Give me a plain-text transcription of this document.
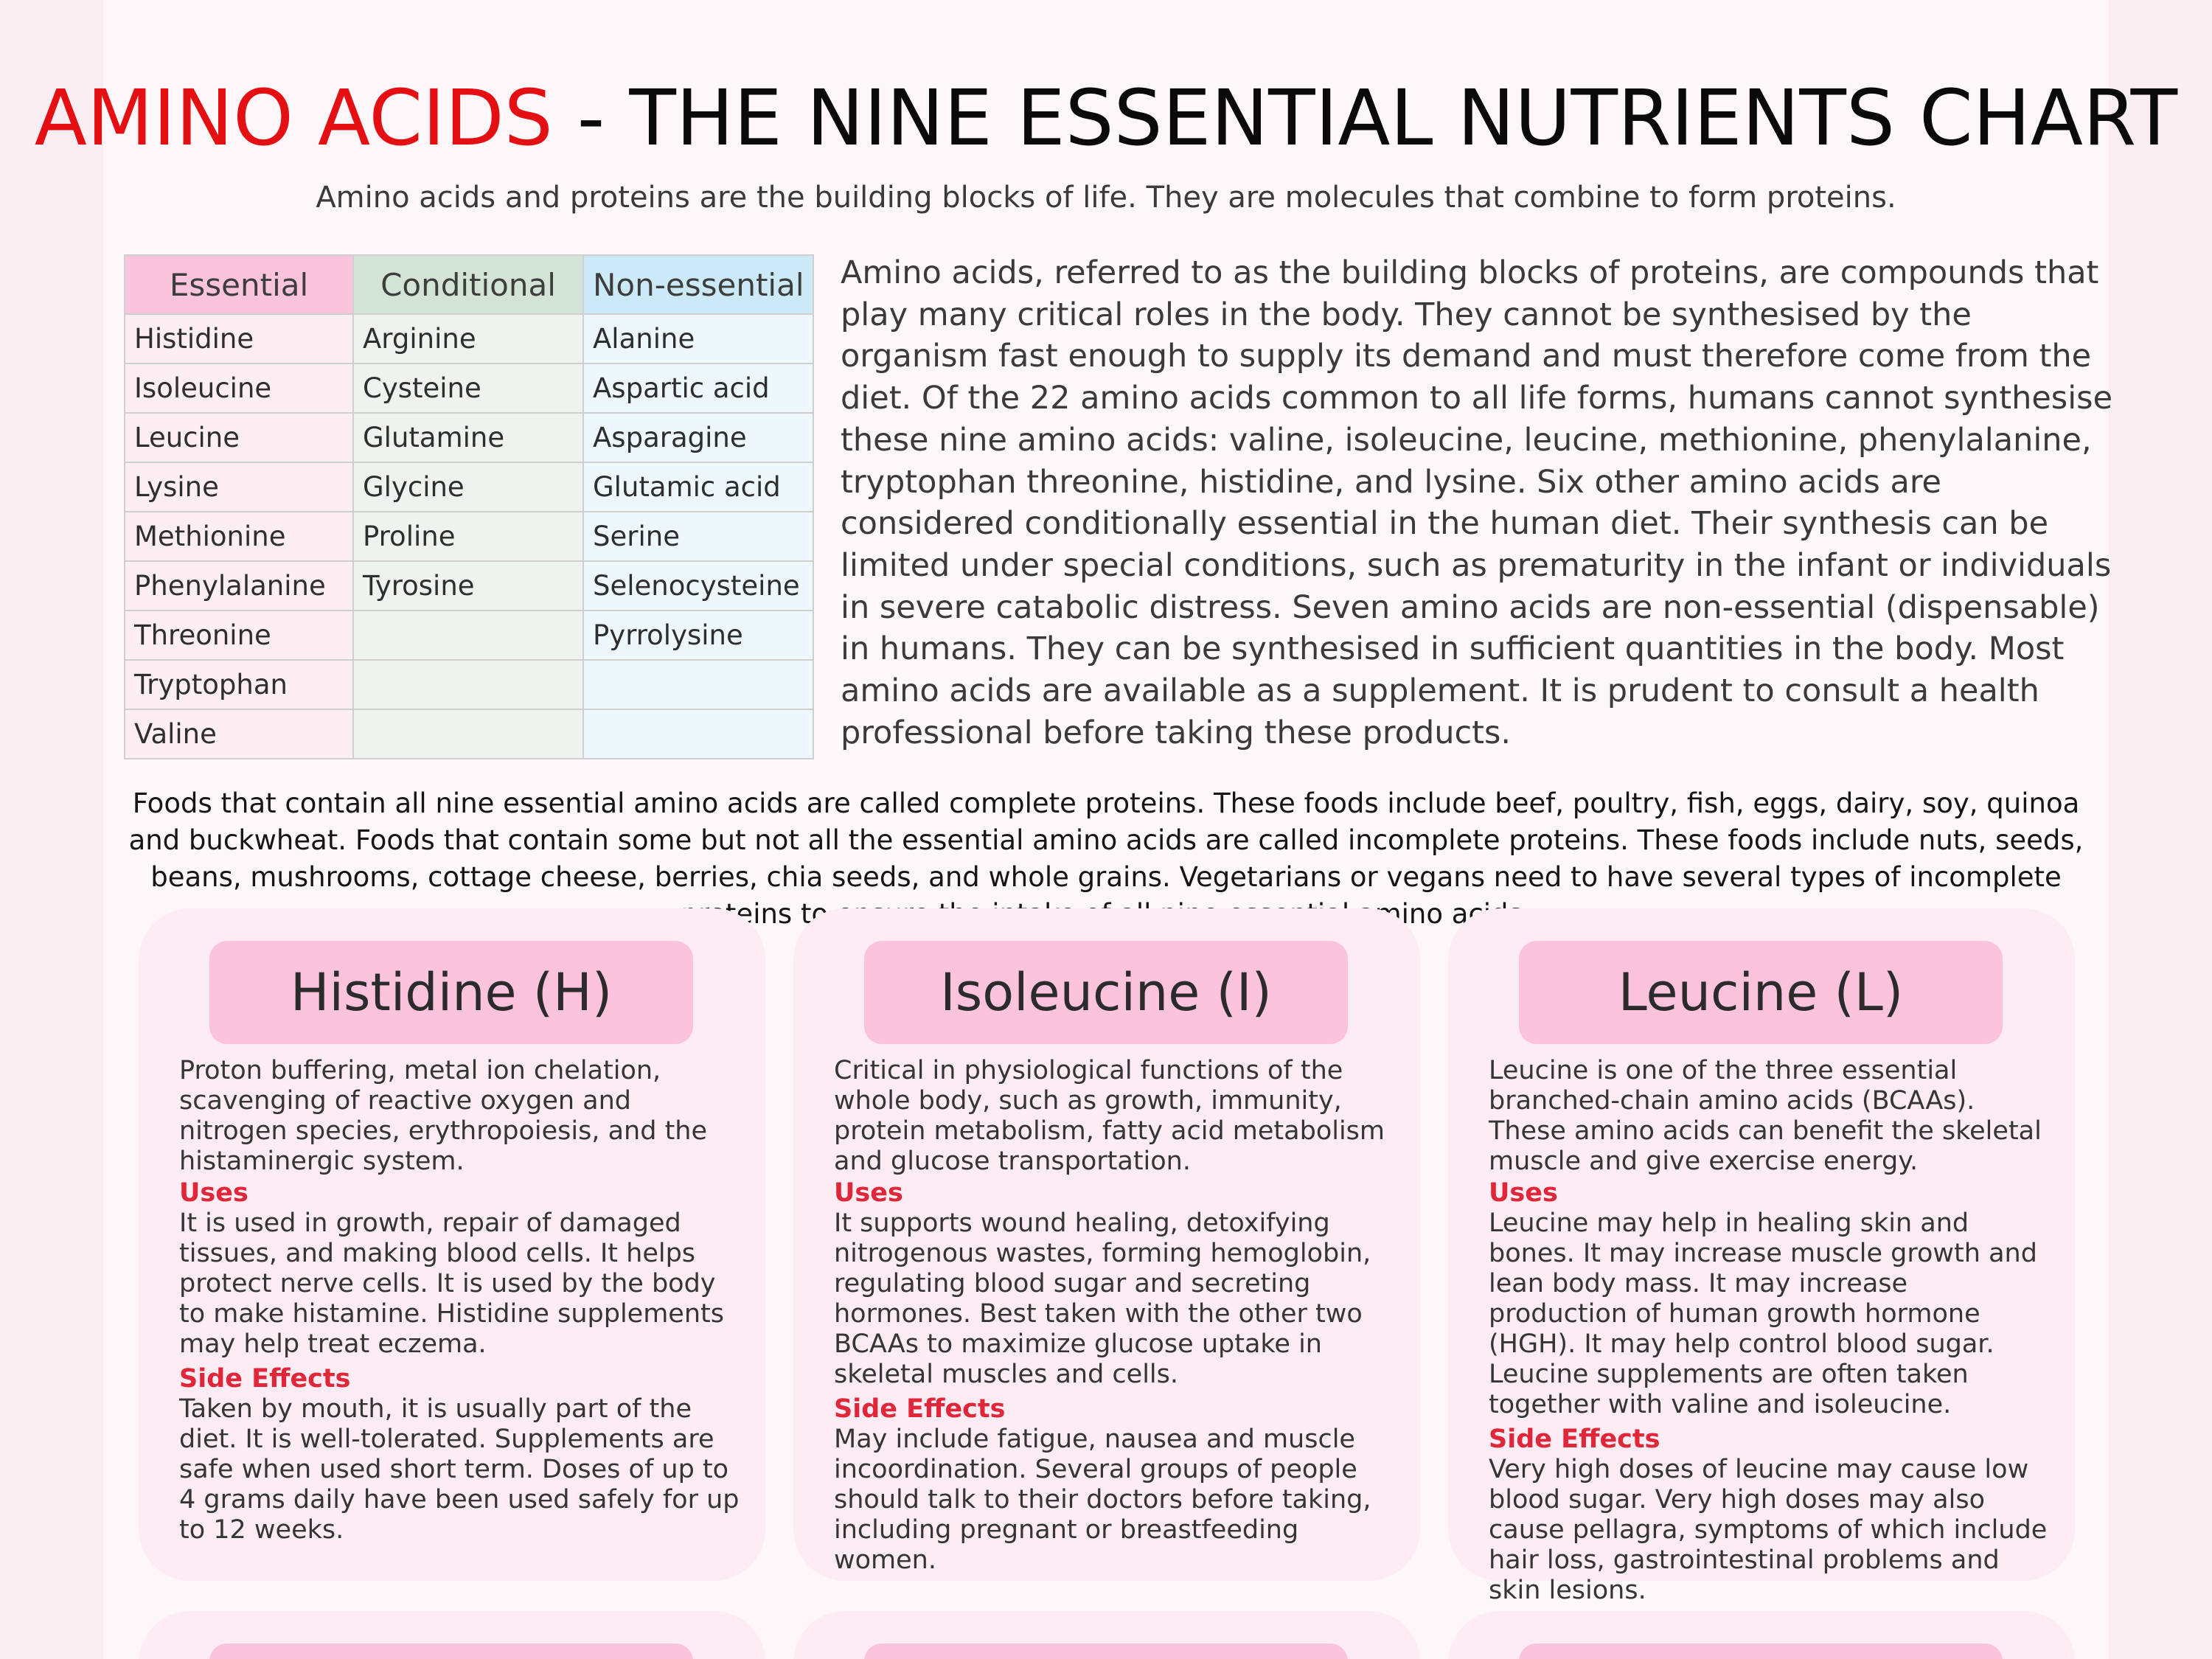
AMINO ACIDS - THE NINE ESSENTIAL NUTRIENTS CHART
Amino acids and proteins are the building blocks of life. They are molecules that combine to form proteins.
Essential	Conditional	Non-essential
Histidine	Arginine	Alanine
Isoleucine	Cysteine	Aspartic acid
Leucine	Glutamine	Asparagine
Lysine	Glycine	Glutamic acid
Methionine	Proline	Serine
Phenylalanine	Tyrosine	Selenocysteine
Threonine		Pyrrolysine
Tryptophan		
Valine		
Amino acids, referred to as the building blocks of proteins, are compounds that play many critical roles in the body. They cannot be synthesised by the organism fast enough to supply its demand and must therefore come from the diet. Of the 22 amino acids common to all life forms, humans cannot synthesise these nine amino acids: valine, isoleucine, leucine, methionine, phenylalanine, tryptophan threonine, histidine, and lysine. Six other amino acids are considered conditionally essential in the human diet. Their synthesis can be limited under special conditions, such as prematurity in the infant or individuals in severe catabolic distress. Seven amino acids are non-essential (dispensable) in humans. They can be synthesised in sufficient quantities in the body. Most amino acids are available as a supplement. It is prudent to consult a health professional before taking these products.
Foods that contain all nine essential amino acids are called complete proteins. These foods include beef, poultry, fish, eggs, dairy, soy, quinoa and buckwheat. Foods that contain some but not all the essential amino acids are called incomplete proteins. These foods include nuts, seeds, beans, mushrooms, cottage cheese, berries, chia seeds, and whole grains. Vegetarians or vegans need to have several types of incomplete to amino
Histidine (H)
Proton buffering, metal ion chelation, scavenging of reactive oxygen and nitrogen species, erythropoiesis, and the histaminergic system.
Uses
It is used in growth, repair of damaged tissues, and making blood cells. It helps protect nerve cells. It is used by the body to make histamine. Histidine supplements may help treat eczema.
Side Effects
Taken by mouth, it is usually part of the diet. It is well-tolerated. Supplements are safe when used short term. Doses of up to 4 grams daily have been used safely for up to 12 weeks.
Isoleucine (I)
Critical in physiological functions of the whole body, such as growth, immunity, protein metabolism, fatty acid metabolism and glucose transportation.
Uses
It supports wound healing, detoxifying nitrogenous wastes, forming hemoglobin, regulating blood sugar and secreting hormones. Best taken with the other two BCAAs to maximize glucose uptake in skeletal muscles and cells.
Side Effects
May include fatigue, nausea and muscle incoordination. Several groups of people should talk to their doctors before taking, including pregnant or breastfeeding women.
Leucine (L)
Leucine is one of the three essential branched-chain amino acids (BCAAs). These amino acids can benefit the skeletal muscle and give exercise energy.
Uses
Leucine may help in healing skin and bones. It may increase muscle growth and lean body mass. It may increase production of human growth hormone (HGH). It may help control blood sugar. Leucine supplements are often taken together with valine and isoleucine.
Side Effects
Very high doses of leucine may cause low blood sugar. Very high doses may also cause pellagra, symptoms of which include hair loss, gastrointestinal problems and skin lesions.
